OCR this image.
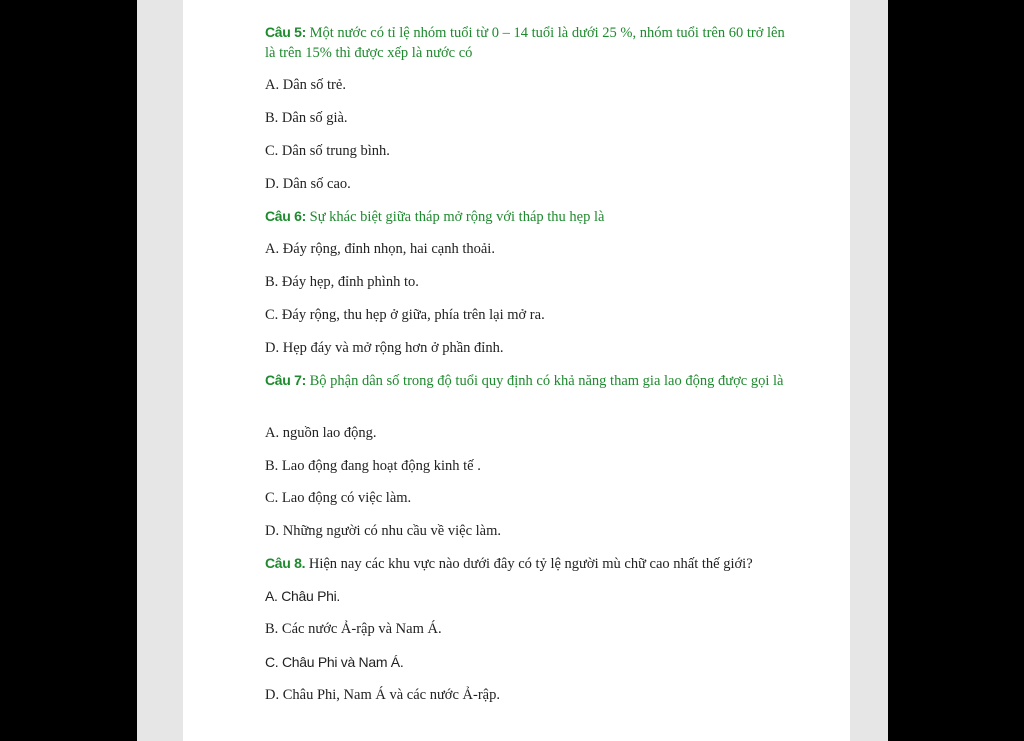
Câu 5: Một nước có tỉ lệ nhóm tuổi từ 0 – 14 tuổi là dưới 25 %, nhóm tuổi trên 60 trở lên là trên 15% thì được xếp là nước có
A. Dân số trẻ.
B. Dân số già.
C. Dân số trung bình.
D. Dân số cao.
Câu 6: Sự khác biệt giữa tháp mở rộng với tháp thu hẹp là
A. Đáy rộng, đỉnh nhọn, hai cạnh thoải.
B. Đáy hẹp, đỉnh phình to.
C. Đáy rộng, thu hẹp ở giữa, phía trên lại mở ra.
D. Hẹp đáy và mở rộng hơn ở phần đỉnh.
Câu 7: Bộ phận dân số trong độ tuổi quy định có khả năng tham gia lao động được gọi là
A. nguồn lao động.
B. Lao động đang hoạt động kinh tế .
C. Lao động có việc làm.
D. Những người có nhu cầu về việc làm.
Câu 8. Hiện nay các khu vực nào dưới đây có tỷ lệ người mù chữ cao nhất thế giới?
A. Châu Phi.
B. Các nước Ả-rập và Nam Á.
C. Châu Phi và Nam Á.
D. Châu Phi, Nam Á và các nước Ả-rập.
